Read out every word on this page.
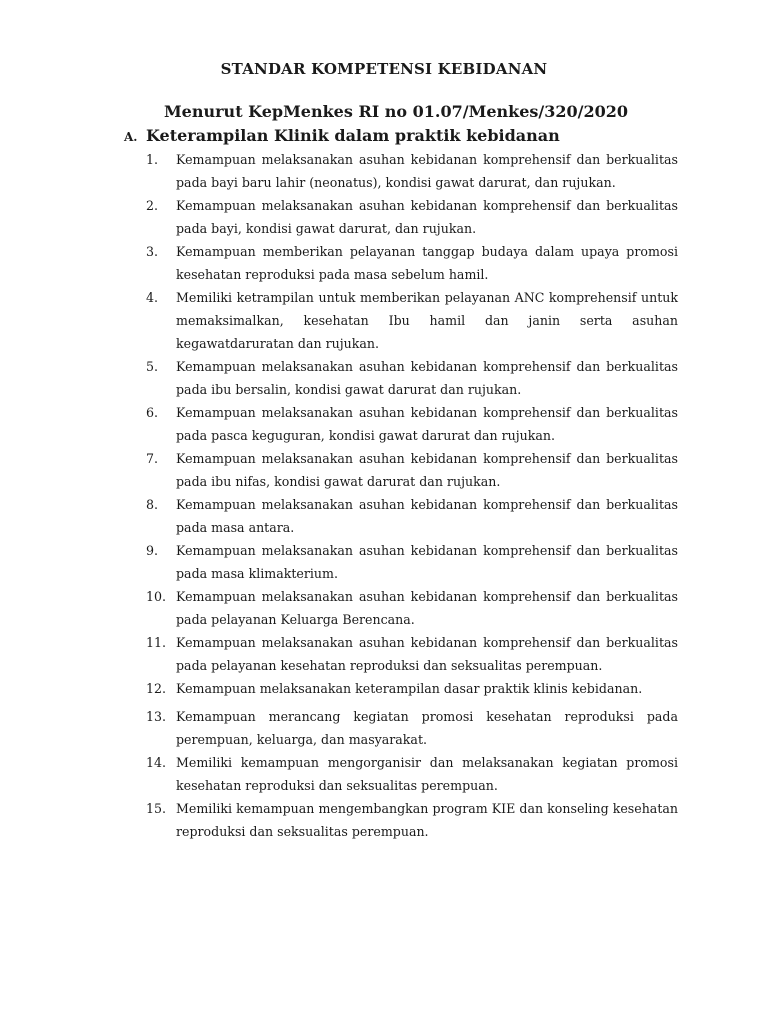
STANDAR KOMPETENSI KEBIDANAN
Menurut KepMenkes RI no 01.07/Menkes/320/2020
A. Keterampilan Klinik dalam praktik kebidanan
1.	Kemampuan melaksanakan asuhan kebidanan komprehensif dan berkualitas pada bayi baru lahir (neonatus), kondisi gawat darurat, dan rujukan.
2.	Kemampuan melaksanakan asuhan kebidanan komprehensif dan berkualitas pada bayi, kondisi gawat darurat, dan rujukan.
3.	Kemampuan memberikan pelayanan tanggap budaya dalam upaya promosi kesehatan reproduksi pada masa sebelum hamil.
4.	Memiliki ketrampilan untuk memberikan pelayanan ANC komprehensif untuk memaksimalkan, kesehatan Ibu hamil dan janin serta asuhan kegawatdaruratan dan rujukan.
5.	Kemampuan melaksanakan asuhan kebidanan komprehensif dan berkualitas pada ibu bersalin, kondisi gawat darurat dan rujukan.
6.	Kemampuan melaksanakan asuhan kebidanan komprehensif dan berkualitas pada pasca keguguran, kondisi gawat darurat dan rujukan.
7.	Kemampuan melaksanakan asuhan kebidanan komprehensif dan berkualitas pada ibu nifas, kondisi gawat darurat dan rujukan.
8.	Kemampuan melaksanakan asuhan kebidanan komprehensif dan berkualitas pada masa antara.
9.	Kemampuan melaksanakan asuhan kebidanan komprehensif dan berkualitas pada masa klimakterium.
10. Kemampuan melaksanakan asuhan kebidanan komprehensif dan berkualitas pada pelayanan Keluarga Berencana.
11. Kemampuan melaksanakan asuhan kebidanan komprehensif dan berkualitas pada pelayanan kesehatan reproduksi dan seksualitas perempuan.
12. Kemampuan melaksanakan keterampilan dasar praktik klinis kebidanan.
13. Kemampuan merancang kegiatan promosi kesehatan reproduksi pada perempuan, keluarga, dan masyarakat.
14. Memiliki kemampuan mengorganisir dan melaksanakan kegiatan promosi kesehatan reproduksi dan seksualitas perempuan.
15. Memiliki kemampuan mengembangkan program KIE dan konseling kesehatan reproduksi dan seksualitas perempuan.
